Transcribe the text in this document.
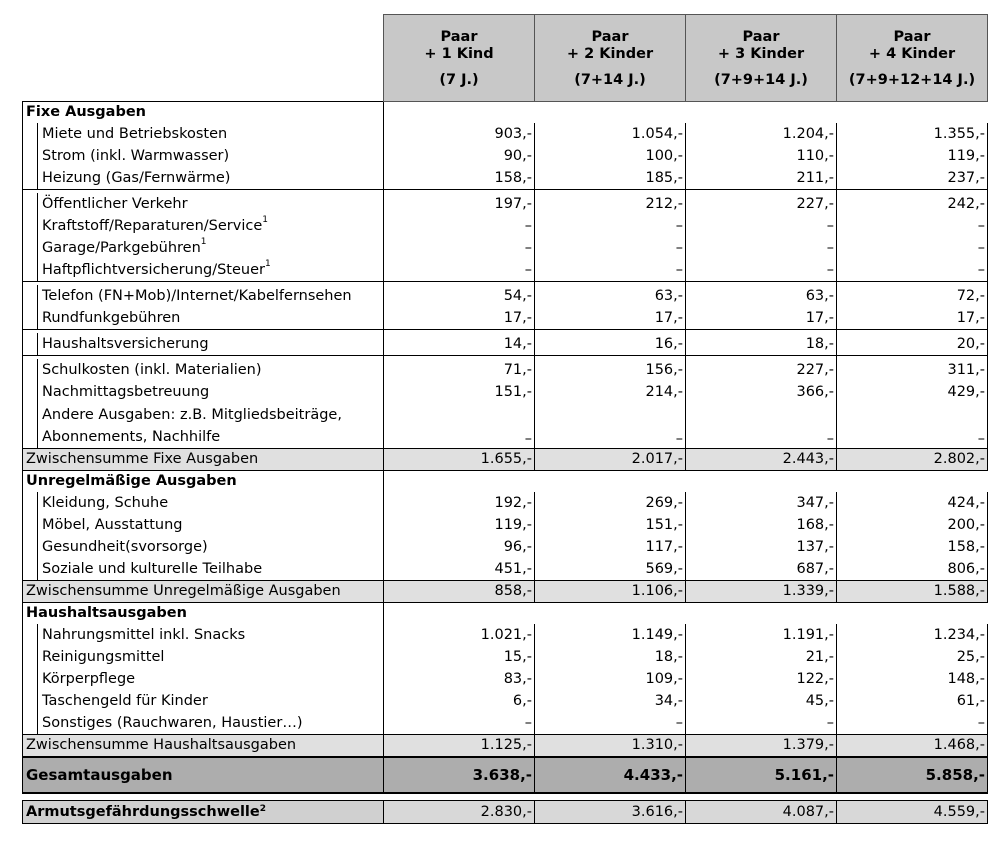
	Paar
+ 1 Kind
(7 J.)	Paar
+ 2 Kinder
(7+14 J.)	Paar
+ 3 Kinder
(7+9+14 J.)	Paar
+ 4 Kinder
(7+9+12+14 J.)

Fixe Ausgaben				

Miete und Betriebskosten	903,-	1.054,-	1.204,-	1.355,-

Strom (inkl. Warmwasser)	90,-	100,-	110,-	119,-

Heizung (Gas/Fernwärme)	158,-	185,-	211,-	237,-

Öffentlicher Verkehr	197,-	212,-	227,-	242,-

Kraftstoff/Reparaturen/Service$^1$	–	–	–	–

Garage/Parkgebühren$^1$	–	–	–	–

Haftpflichtversicherung/Steuer$^1$	–	–	–	–

Telefon (FN+Mob)/Internet/Kabelfernsehen	54,-	63,-	63,-	72,-

Rundfunkgebühren	17,-	17,-	17,-	17,-

Haushaltsversicherung	14,-	16,-	18,-	20,-

Schulkosten (inkl. Materialien)	71,-	156,-	227,-	311,-

Nachmittagsbetreuung	151,-	214,-	366,-	429,-

Andere Ausgaben: z.B. Mitgliedsbeiträge,
Abonnements, Nachhilfe	–	–	–	–
Zwischensumme Fixe Ausgaben	1.655,-	2.017,-	2.443,-	2.802,-
Unregelmäßige Ausgaben				

Kleidung, Schuhe	192,-	269,-	347,-	424,-

Möbel, Ausstattung	119,-	151,-	168,-	200,-

Gesundheit(svorsorge)	96,-	117,-	137,-	158,-

Soziale und kulturelle Teilhabe	451,-	569,-	687,-	806,-
Zwischensumme Unregelmäßige Ausgaben	858,-	1.106,-	1.339,-	1.588,-
Haushaltsausgaben				

Nahrungsmittel inkl. Snacks	1.021,-	1.149,-	1.191,-	1.234,-

Reinigungsmittel	15,-	18,-	21,-	25,-

Körperpflege	83,-	109,-	122,-	148,-

Taschengeld für Kinder	6,-	34,-	45,-	61,-

Sonstiges (Rauchwaren, Haustier…)	–	–	–	–
Zwischensumme Haushaltsausgaben	1.125,-	1.310,-	1.379,-	1.468,-
Gesamtausgaben	3.638,-	4.433,-	5.161,-	5.858,-

Armutsgefährdungsschwelle$^2$	2.830,-	3.616,-	4.087,-	4.559,-
